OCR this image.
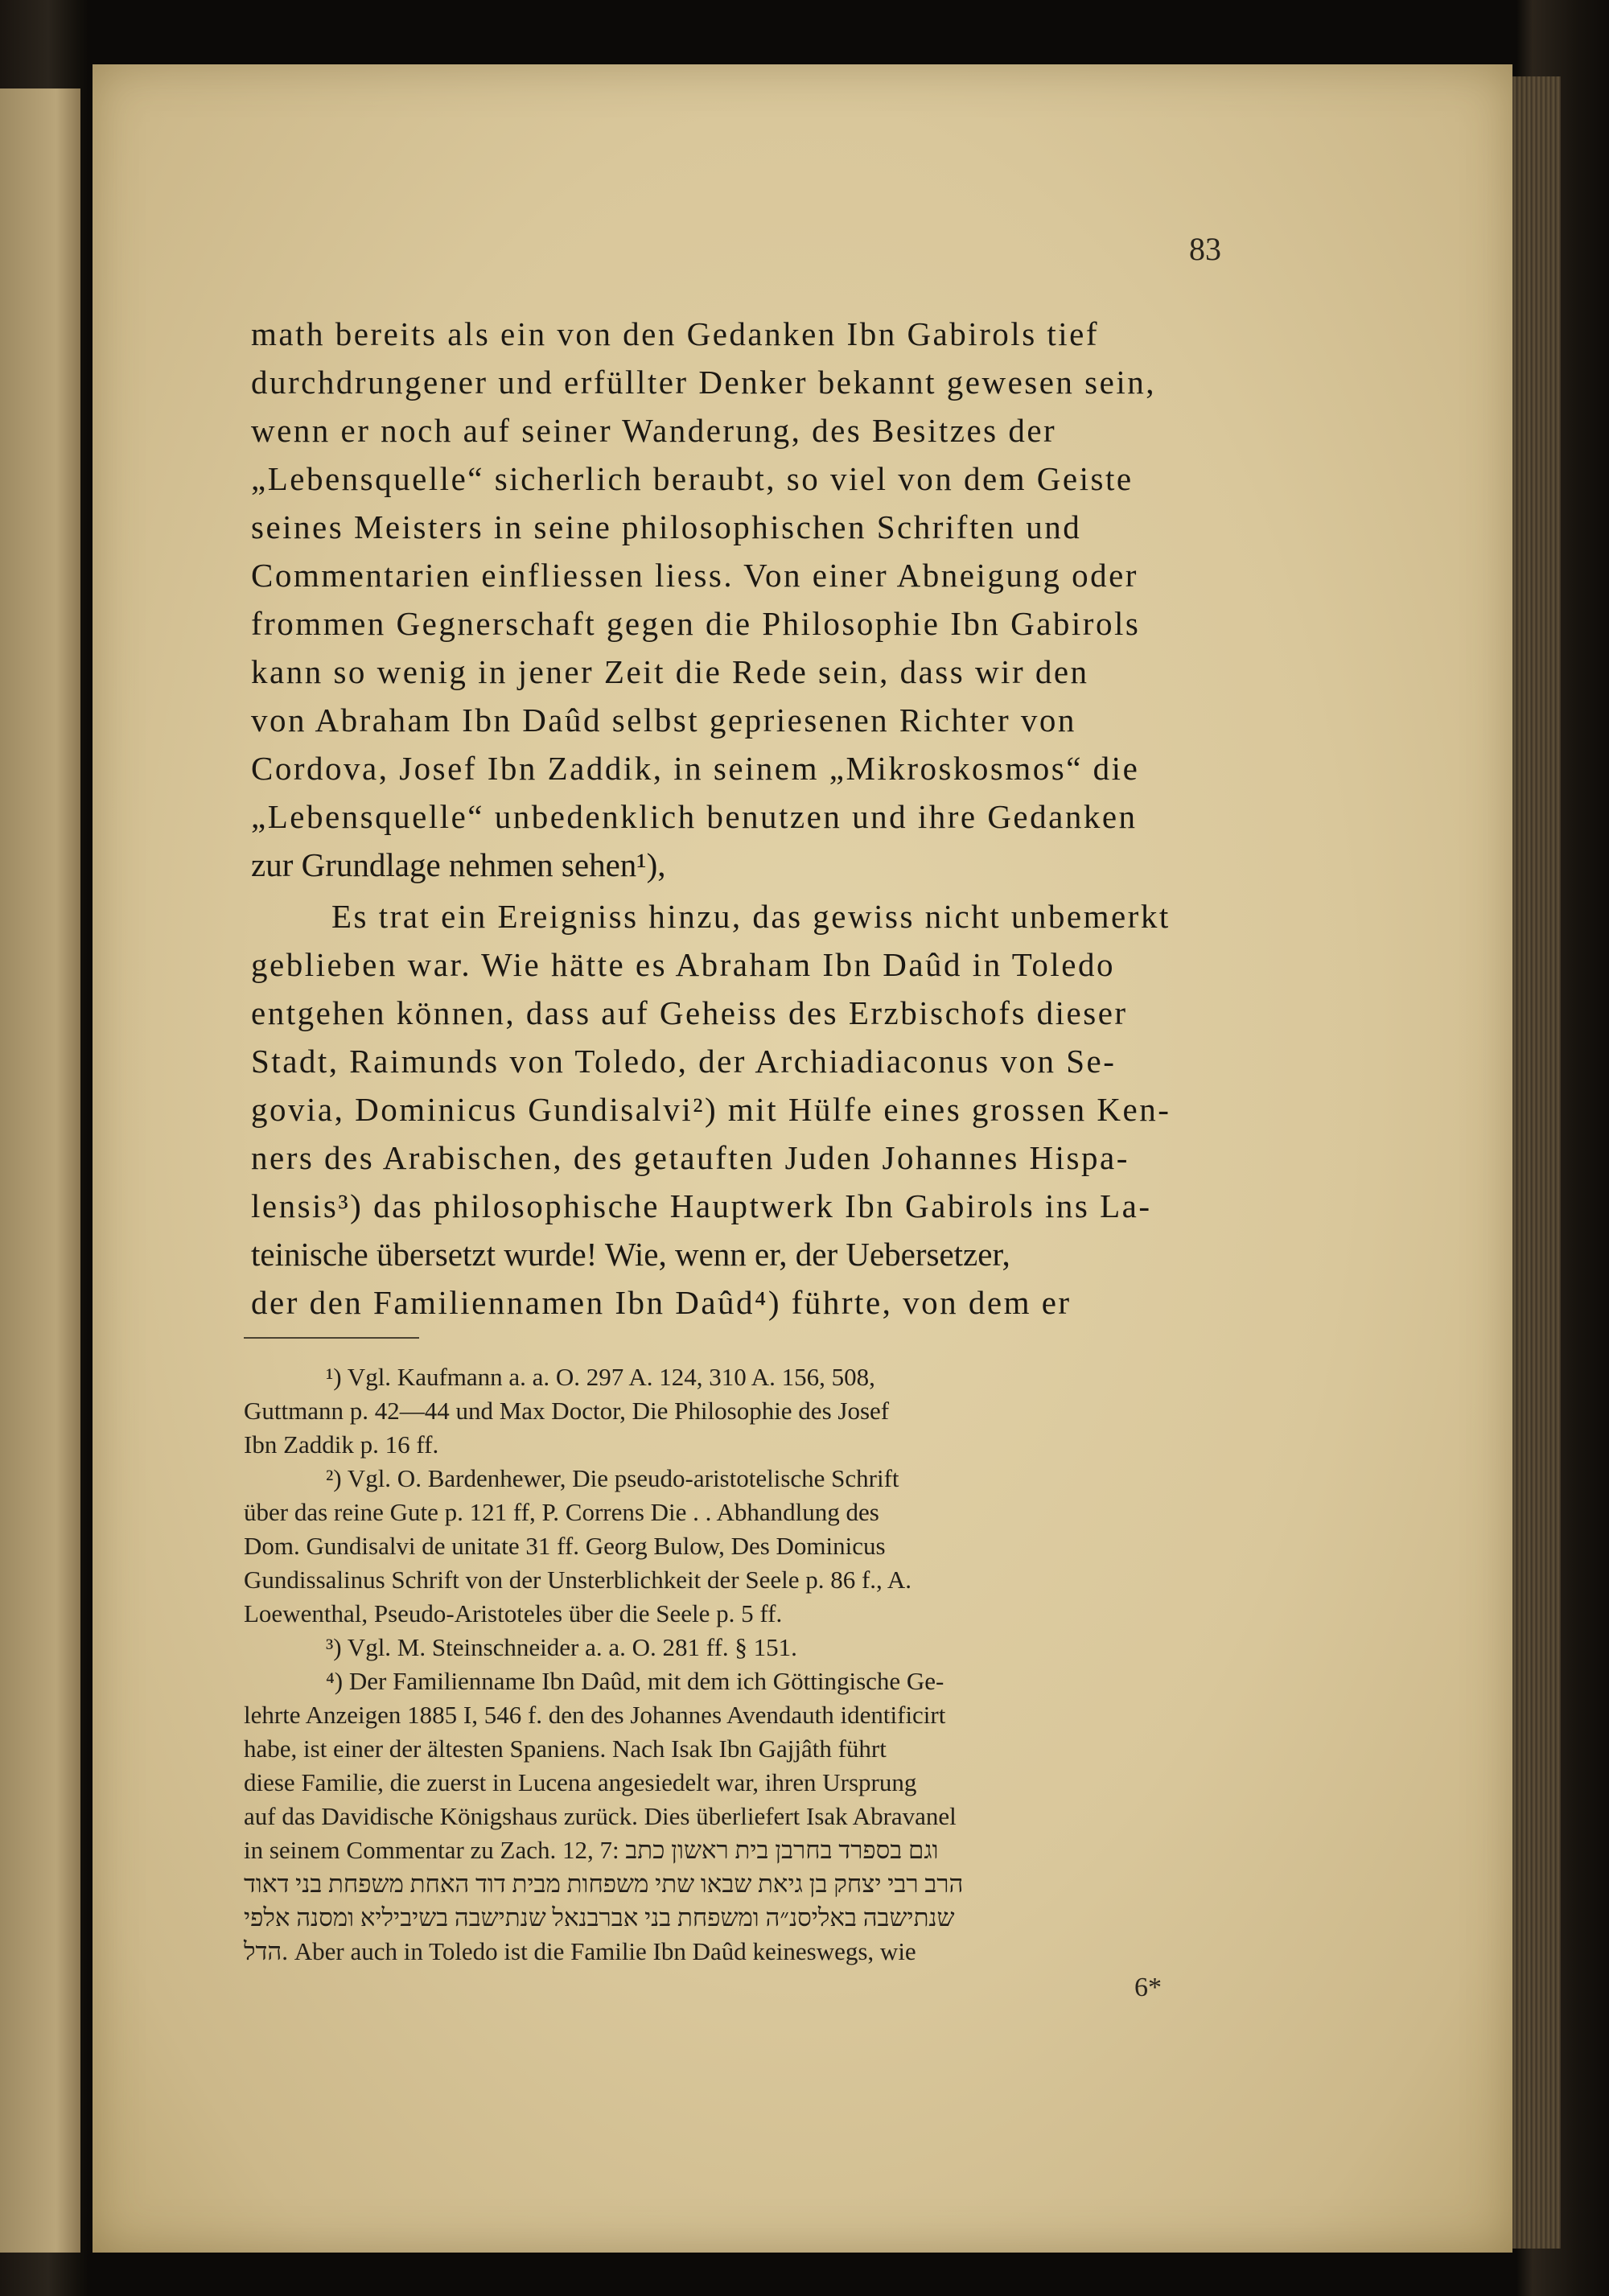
83
math bereits als ein von den Gedanken Ibn Gabirols tief
durchdrungener und erfüllter Denker bekannt gewesen sein,
wenn er noch auf seiner Wanderung, des Besitzes der
„Lebensquelle“ sicherlich beraubt, so viel von dem Geiste
seines Meisters in seine philosophischen Schriften und
Commentarien einfliessen liess. Von einer Abneigung oder
frommen Gegnerschaft gegen die Philosophie Ibn Gabirols
kann so wenig in jener Zeit die Rede sein, dass wir den
von Abraham Ibn Daûd selbst gepriesenen Richter von
Cordova, Josef Ibn Zaddik, in seinem „Mikroskosmos“ die
„Lebensquelle“ unbedenklich benutzen und ihre Gedanken
zur Grundlage nehmen sehen¹),
Es trat ein Ereigniss hinzu, das gewiss nicht unbemerkt
geblieben war. Wie hätte es Abraham Ibn Daûd in Toledo
entgehen können, dass auf Geheiss des Erzbischofs dieser
Stadt, Raimunds von Toledo, der Archiadiaconus von Se-
govia, Dominicus Gundisalvi²) mit Hülfe eines grossen Ken-
ners des Arabischen, des getauften Juden Johannes Hispa-
lensis³) das philosophische Hauptwerk Ibn Gabirols ins La-
der den Familiennamen Ibn Daûd⁴) führte, von dem er
teinische übersetzt wurde! Wie, wenn er, der Uebersetzer,
¹) Vgl. Kaufmann a. a. O. 297 A. 124, 310 A. 156, 508,
Guttmann p. 42—44 und Max Doctor, Die Philosophie des Josef
Ibn Zaddik p. 16 ff.
²) Vgl. O. Bardenhewer, Die pseudo-aristotelische Schrift
über das reine Gute p. 121 ff, P. Correns Die . . Abhandlung des
Dom. Gundisalvi de unitate 31 ff. Georg Bulow, Des Dominicus
Gundissalinus Schrift von der Unsterblichkeit der Seele p. 86 f., A.
Loewenthal, Pseudo-Aristoteles über die Seele p. 5 ff.
³) Vgl. M. Steinschneider a. a. O. 281 ff. § 151.
⁴) Der Familienname Ibn Daûd, mit dem ich Göttingische Ge-
lehrte Anzeigen 1885 I, 546 f. den des Johannes Avendauth identificirt
habe, ist einer der ältesten Spaniens. Nach Isak Ibn Gajjâth führt
diese Familie, die zuerst in Lucena angesiedelt war, ihren Ursprung
auf das Davidische Königshaus zurück. Dies überliefert Isak Abravanel
in seinem Commentar zu Zach. 12, 7: וגם בספרד בחרבן בית ראשון כתב
הרב רבי יצחק בן גיאת שבאו שתי משפחות מבית דוד האחת משפחת בני דאוד
שנתישבה באליסנ״ה ומשפחת בני אברבנאל שנתישבה בשיביליא ומסנה אלפי
הדל. Aber auch in Toledo ist die Familie Ibn Daûd keineswegs, wie
6*
